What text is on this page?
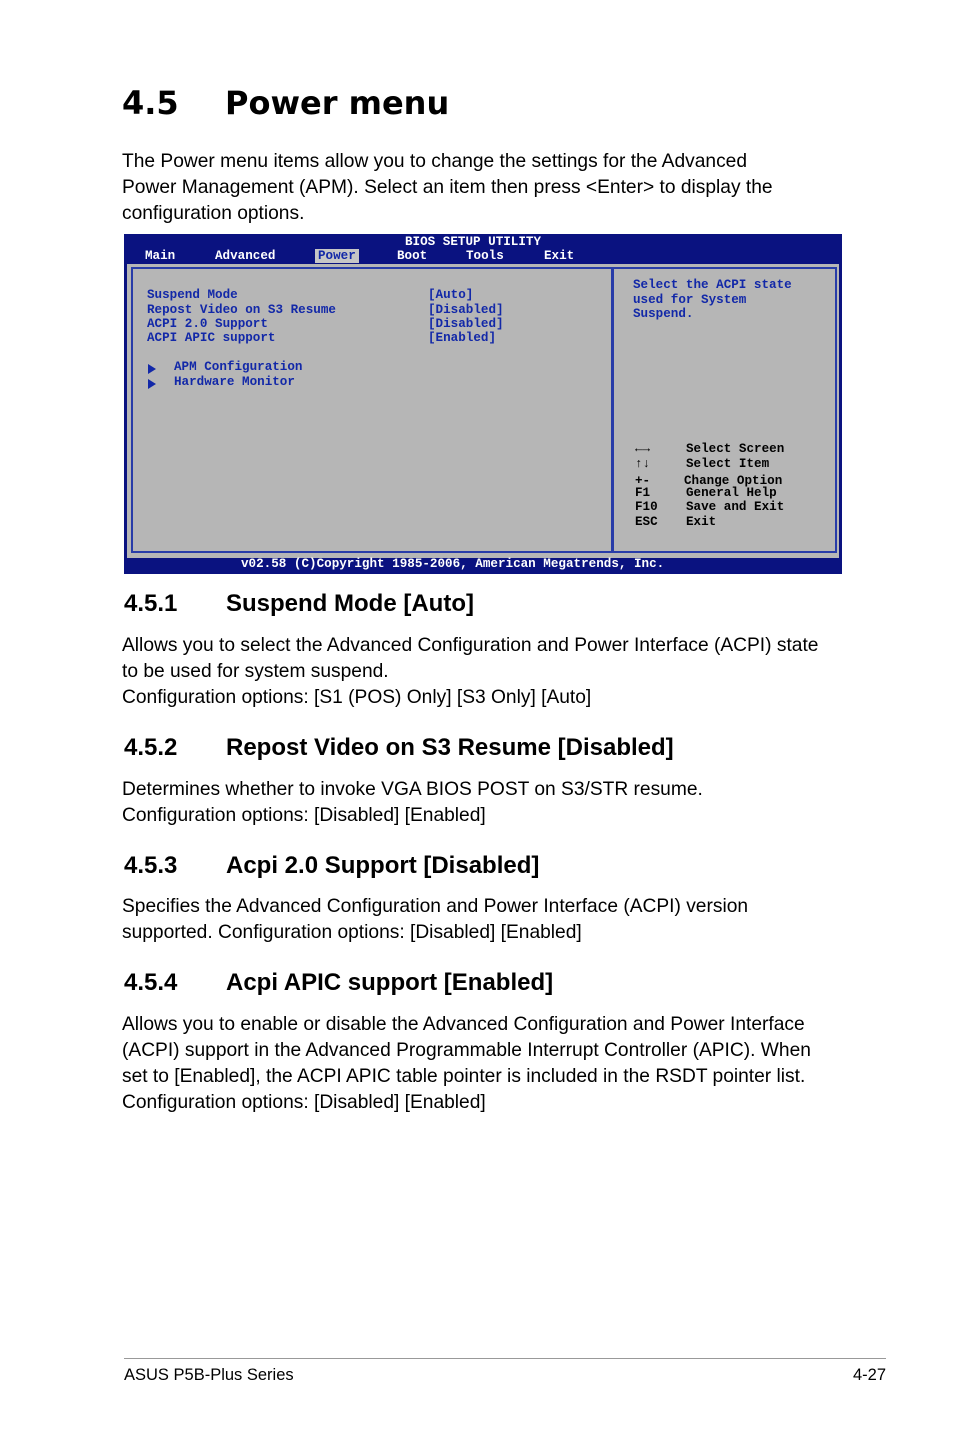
4.5 Power menu

The Power menu items allow you to change the settings for the Advanced
Power Management (APM). Select an item then press <Enter> to display the
configuration options.

BIOS SETUP UTILITY
Main	Advanced	Power	Boot	Tools	Exit
Suspend Mode	[Auto]
Repost Video on S3 Resume	[Disabled]
ACPI 2.0 Support	[Disabled]
ACPI APIC support	[Enabled]
APM Configuration
Hardware Monitor
Select the ACPI state
used for System
Suspend.
←→	Select Screen
↑↓	Select Item
+-	Change Option
F1	General Help
F10 Save and Exit
ESC Exit
v02.58 (C)Copyright 1985-2006, American Megatrends, Inc.
4.5.1 Suspend Mode [Auto]

Allows you to select the Advanced Configuration and Power Interface (ACPI) state
to be used for system suspend.
Configuration options: [S1 (POS) Only] [S3 Only] [Auto]

4.5.2 Repost Video on S3 Resume [Disabled]

Determines whether to invoke VGA BIOS POST on S3/STR resume.
Configuration options: [Disabled] [Enabled]

4.5.3 Acpi 2.0 Support [Disabled]

Specifies the Advanced Configuration and Power Interface (ACPI) version
supported. Configuration options: [Disabled] [Enabled]

4.5.4 Acpi APIC support [Enabled]

Allows you to enable or disable the Advanced Configuration and Power Interface
(ACPI) support in the Advanced Programmable Interrupt Controller (APIC). When
set to [Enabled], the ACPI APIC table pointer is included in the RSDT pointer list.
Configuration options: [Disabled] [Enabled]

ASUS P5B-Plus Series	4-27
